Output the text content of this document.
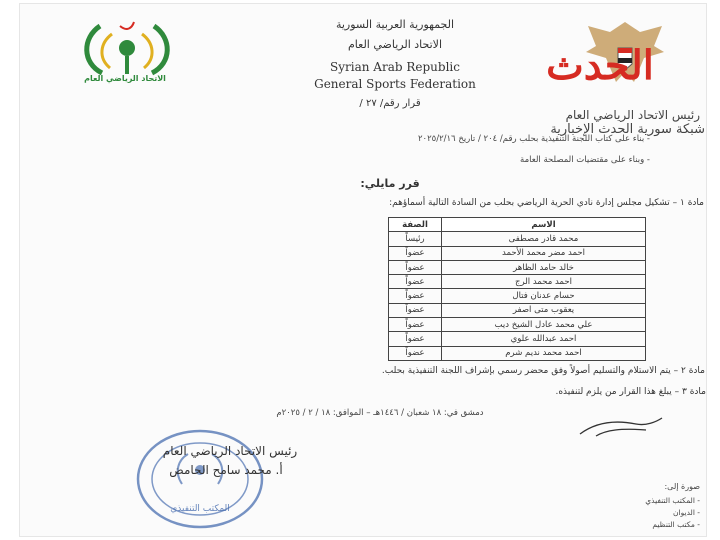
الاتحاد الرياضي العام
الجمهورية العربية السورية
الاتحاد الرياضي العام
Syrian Arab Republic
General Sports Federation
قرار رقم/ ٢٧ /
الحدث
رئيس الاتحاد الرياضي العام
شبكة سورية الحدث الإخبارية
- بناء على كتاب اللجنة التنفيذية بحلب رقم/ ٢٠٤ / تاريخ ٢٠٢٥/٢/١٦
- وبناء على مقتضيات المصلحة العامة
قرر مايلي:
مادة ١ – تشكيل مجلس إدارة نادي الحرية الرياضي بحلب من السادة التالية أسماؤهم:
الاسم	الصفة
محمد قادر مصطفى	رئيساً
احمد مضر محمد الأحمد	عضواً
خالد حامد الظاهر	عضواً
احمد محمد الرج	عضواً
حسام عدنان فتال	عضواً
يعقوب متى اصفر	عضواً
علي محمد عادل الشيخ ديب	عضواً
احمد عبدالله علوي	عضواً
احمد محمد نديم شرم	عضواً
مادة ٢ – يتم الاستلام والتسليم أصولاً وفق محضر رسمي بإشراف اللجنة التنفيذية بحلب.
مادة ٣ – يبلغ هذا القرار من يلزم لتنفيذه.
دمشق في: ١٨ شعبان / ١٤٤٦هـ – الموافق: ١٨ / ٢ / ٢٠٢٥م
المكتب التنفيذي
رئيس الاتحاد الرياضي العام
أ. محمد سامح الحامض
صورة إلى:
- المكتب التنفيذي
- الديوان
- مكتب التنظيم
